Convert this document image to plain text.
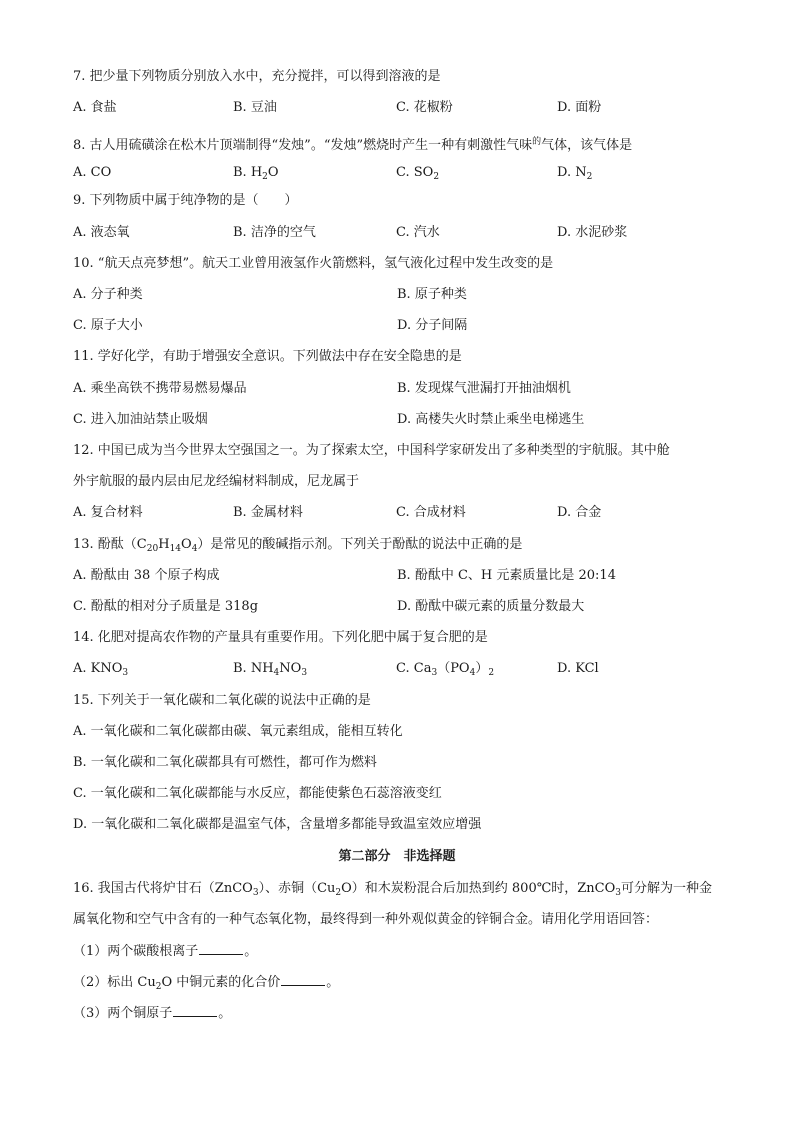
7. 把少量下列物质分别放入水中，充分搅拌，可以得到溶液的是
A. 食盐	B. 豆油	C. 花椒粉	D. 面粉
8. 古人用硫磺涂在松木片顶端制得“发烛”。“发烛”燃烧时产生一种有刺激性气味$^的$气体，该气体是
A. CO	B. $H_2O$	C. $SO_2$	D. $N_2$
9. 下列物质中属于纯净物的是（　　）
A. 液态氧	B. 洁净的空气	C. 汽水	D. 水泥砂浆
10. “航天点亮梦想”。航天工业曾用液氢作火箭燃料，氢气液化过程中发生改变的是
A. 分子种类	B. 原子种类
C. 原子大小	D. 分子间隔
11. 学好化学，有助于增强安全意识。下列做法中存在安全隐患的是
A. 乘坐高铁不携带易燃易爆品	B. 发现煤气泄漏打开抽油烟机
C. 进入加油站禁止吸烟	D. 高楼失火时禁止乘坐电梯逃生
12. 中国已成为当今世界太空强国之一。为了探索太空，中国科学家研发出了多种类型的宇航服。其中舱
外宇航服的最内层由尼龙经编材料制成，尼龙属于
A. 复合材料	B. 金属材料	C. 合成材料	D. 合金
13. 酚酞$(C_{20}H_{14}O_4)$是常见的酸碱指示剂。下列关于酚酞的说法中正确的是
A. 酚酞由 38 个原子构成	B. 酚酞中 C、H 元素质量比是 20:14
C. 酚酞的相对分子质量是 318g	D. 酚酞中碳元素的质量分数最大
14. 化肥对提高农作物的产量具有重要作用。下列化肥中属于复合肥的是
A. $KNO_3$	B. $NH_4NO_3$	C. $Ca_3(PO_4)_2$	D. KCl
15. 下列关于一氧化碳和二氧化碳的说法中正确的是
A. 一氧化碳和二氧化碳都由碳、氧元素组成，能相互转化
B. 一氧化碳和二氧化碳都具有可燃性，都可作为燃料
C. 一氧化碳和二氧化碳都能与水反应，都能使紫色石蕊溶液变红
D. 一氧化碳和二氧化碳都是温室气体，含量增多都能导致温室效应增强
第二部分　非选择题
16. 我国古代将炉甘石（ZnCO$_3$）、赤铜$(Cu_2O)$和木炭粉混合后加热到约 800℃时，ZnCO$_3$可分解为一种金
属氧化物和空气中含有的一种气态氧化物，最终得到一种外观似黄金的锌铜合金。请用化学用语回答：
（1）两个碳酸根离子	。
（2）标出 $Cu_2O$ 中铜元素的化合价	。
（3）两个铜原子	。
